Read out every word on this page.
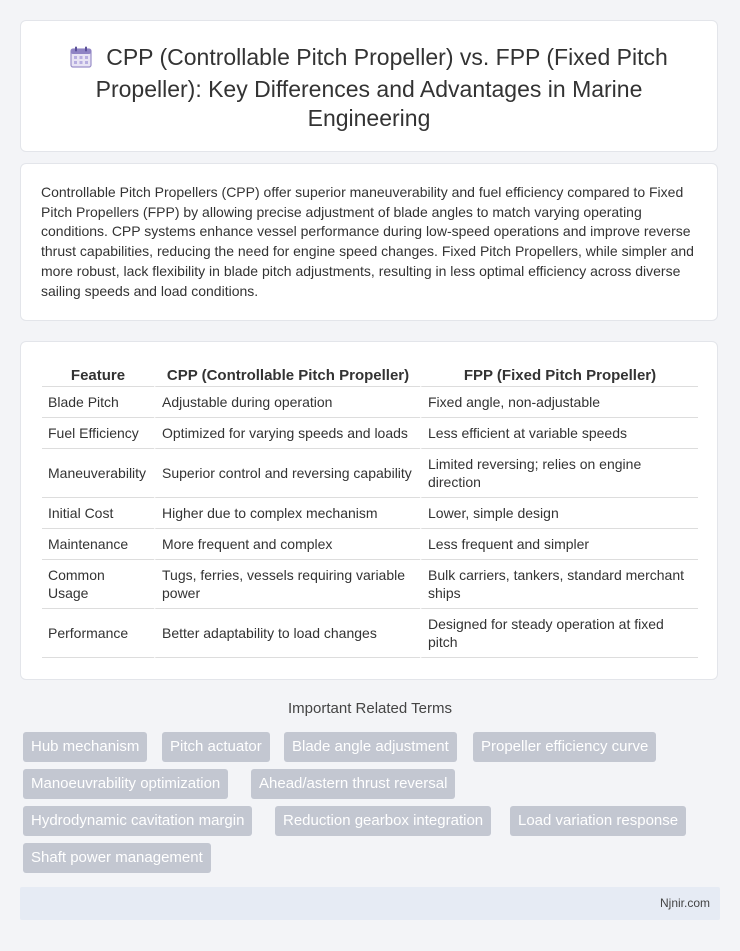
CPP (Controllable Pitch Propeller) vs. FPP (Fixed Pitch Propeller): Key Differences and Advantages in Marine Engineering

Controllable Pitch Propellers (CPP) offer superior maneuverability and fuel efficiency compared to Fixed Pitch Propellers (FPP) by allowing precise adjustment of blade angles to match varying operating conditions. CPP systems enhance vessel performance during low-speed operations and improve reverse thrust capabilities, reducing the need for engine speed changes. Fixed Pitch Propellers, while simpler and more robust, lack flexibility in blade pitch adjustments, resulting in less optimal efficiency across diverse sailing speeds and load conditions.

Feature	CPP (Controllable Pitch Propeller)	FPP (Fixed Pitch Propeller)
Blade Pitch	Adjustable during operation	Fixed angle, non-adjustable
Fuel Efficiency	Optimized for varying speeds and loads	Less efficient at variable speeds
Maneuverability	Superior control and reversing capability	Limited reversing; relies on engine direction
Initial Cost	Higher due to complex mechanism	Lower, simple design
Maintenance	More frequent and complex	Less frequent and simpler
Common Usage	Tugs, ferries, vessels requiring variable power	Bulk carriers, tankers, standard merchant ships
Performance	Better adaptability to load changes	Designed for steady operation at fixed pitch
Important Related Terms
Hub mechanism	Pitch actuator	Blade angle adjustment	Propeller efficiency curve
Manoeuvrability optimization	Ahead/astern thrust reversal
Hydrodynamic cavitation margin	Reduction gearbox integration	Load variation response
Shaft power management
Njnir.com
